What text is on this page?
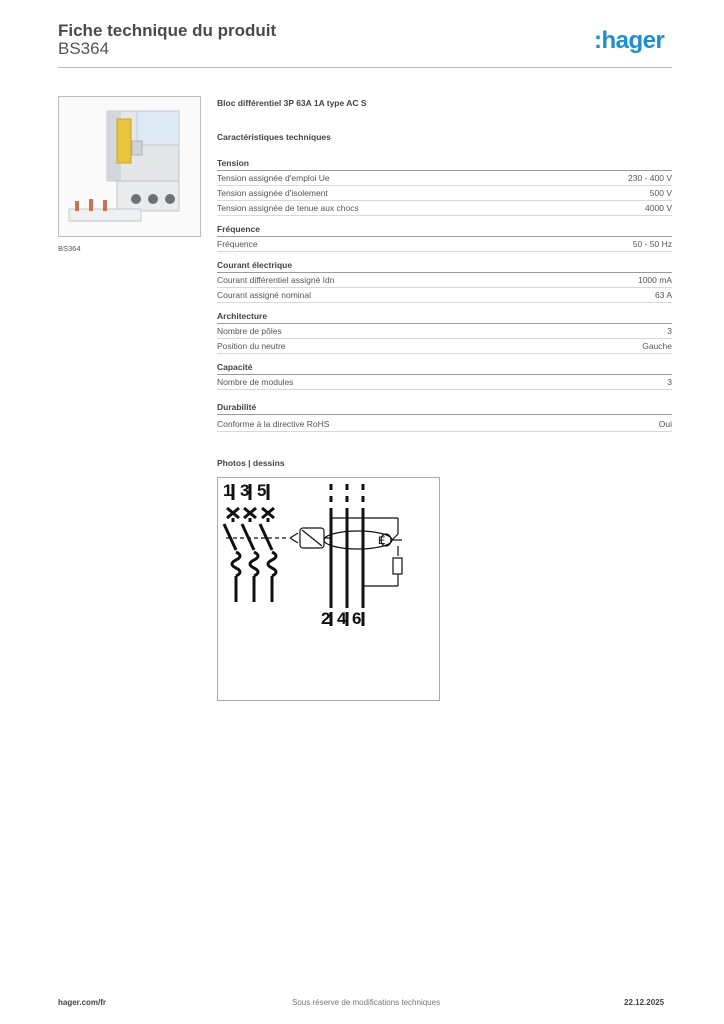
Fiche technique du produit
BS364	:hager
BS364
Bloc différentiel 3P 63A 1A type AC S
Caractéristiques techniques
Tension
Tension assignée d'emploi Ue	230 - 400 V
Tension assignée d'isolement	500 V
Tension assignée de tenue aux chocs	4000 V
Fréquence
Fréquence	50 - 50 Hz
Courant électrique
Courant différentiel assigné Idn	1000 mA
Courant assigné nominal	63 A
Architecture
Nombre de pôles	3
Position du neutre	Gauche
Capacité
Nombre de modules	3
Durabilité
Conforme à la directive RoHS	Oui
Photos | dessins
1 3 5
2 4 6
E
hager.com/fr	Sous réserve de modifications techniques	22.12.2025
